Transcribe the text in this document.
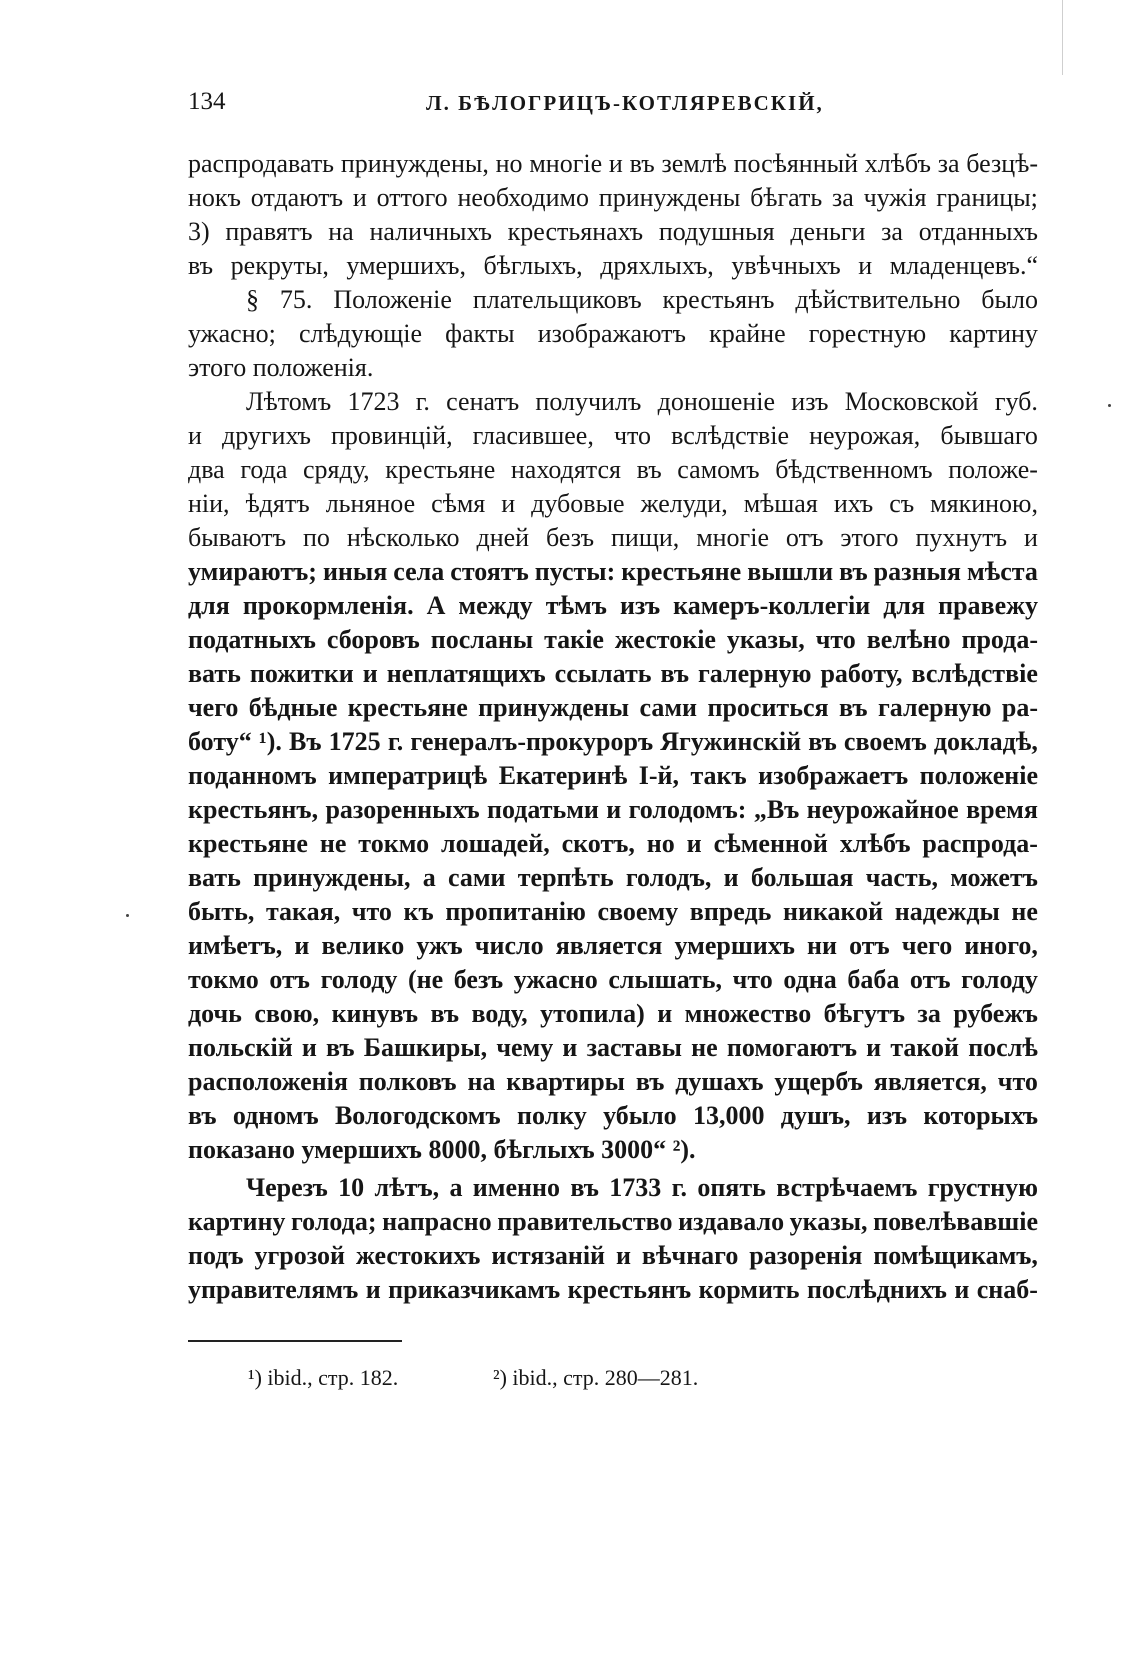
134	Л. БѢЛОГРИЦЪ-КОТЛЯРЕВСКІЙ,
распродавать принуждены, но многіе и въ землѣ посѣянный хлѣбъ за безцѣ-
нокъ отдаютъ и оттого необходимо принуждены бѣгать за чужія границы;
3) правятъ на наличныхъ крестьянахъ подушныя деньги за отданныхъ
въ рекруты, умершихъ, бѣглыхъ, дряхлыхъ, увѣчныхъ и младенцевъ.“
§ 75. Положеніе плательщиковъ крестьянъ дѣйствительно было
ужасно; слѣдующіе факты изображаютъ крайне горестную картину
этого положенія.
Лѣтомъ 1723 г. сенатъ получилъ доношеніе изъ Московской губ.
и другихъ провинцій, гласившее, что вслѣдствіе неурожая, бывшаго
два года сряду, крестьяне находятся въ самомъ бѣдственномъ положе-
ніи, ѣдятъ льняное сѣмя и дубовые желуди, мѣшая ихъ съ мякиною,
бываютъ по нѣсколько дней безъ пищи, многіе отъ этого пухнутъ и
умираютъ; иныя села стоятъ пусты: крестьяне вышли въ разныя мѣста
для прокормленія. А между тѣмъ изъ камеръ-коллегіи для правежу
податныхъ сборовъ посланы такіе жестокіе указы, что велѣно прода-
вать пожитки и неплатящихъ ссылать въ галерную работу, вслѣдствіе
чего бѣдные крестьяне принуждены сами проситься въ галерную ра-
боту“ ¹). Въ 1725 г. генералъ-прокуроръ Ягужинскій въ своемъ докладѣ,
поданномъ императрицѣ Екатеринѣ І-й, такъ изображаетъ положеніе
крестьянъ, разоренныхъ податьми и голодомъ: „Въ неурожайное время
крестьяне не токмо лошадей, скотъ, но и сѣменной хлѣбъ распрода-
вать принуждены, а сами терпѣть голодъ, и большая часть, можетъ
быть, такая, что къ пропитанію своему впредь никакой надежды не
имѣетъ, и велико ужъ число является умершихъ ни отъ чего иного,
токмо отъ голоду (не безъ ужасно слышать, что одна баба отъ голоду
дочь свою, кинувъ въ воду, утопила) и множество бѣгутъ за рубежъ
польскій и въ Башкиры, чему и заставы не помогаютъ и такой послѣ
расположенія полковъ на квартиры въ душахъ ущербъ является, что
въ одномъ Вологодскомъ полку убыло 13,000 душъ, изъ которыхъ
показано умершихъ 8000, бѣглыхъ 3000“ ²).
Черезъ 10 лѣтъ, а именно въ 1733 г. опять встрѣчаемъ грустную
картину голода; напрасно правительство издавало указы, повелѣвавшіе
подъ угрозой жестокихъ истязаній и вѣчнаго разоренія помѣщикамъ,
управителямъ и приказчикамъ крестьянъ кормить послѣднихъ и снаб-
¹) ibid., стр. 182.	²) ibid., стр. 280—281.
